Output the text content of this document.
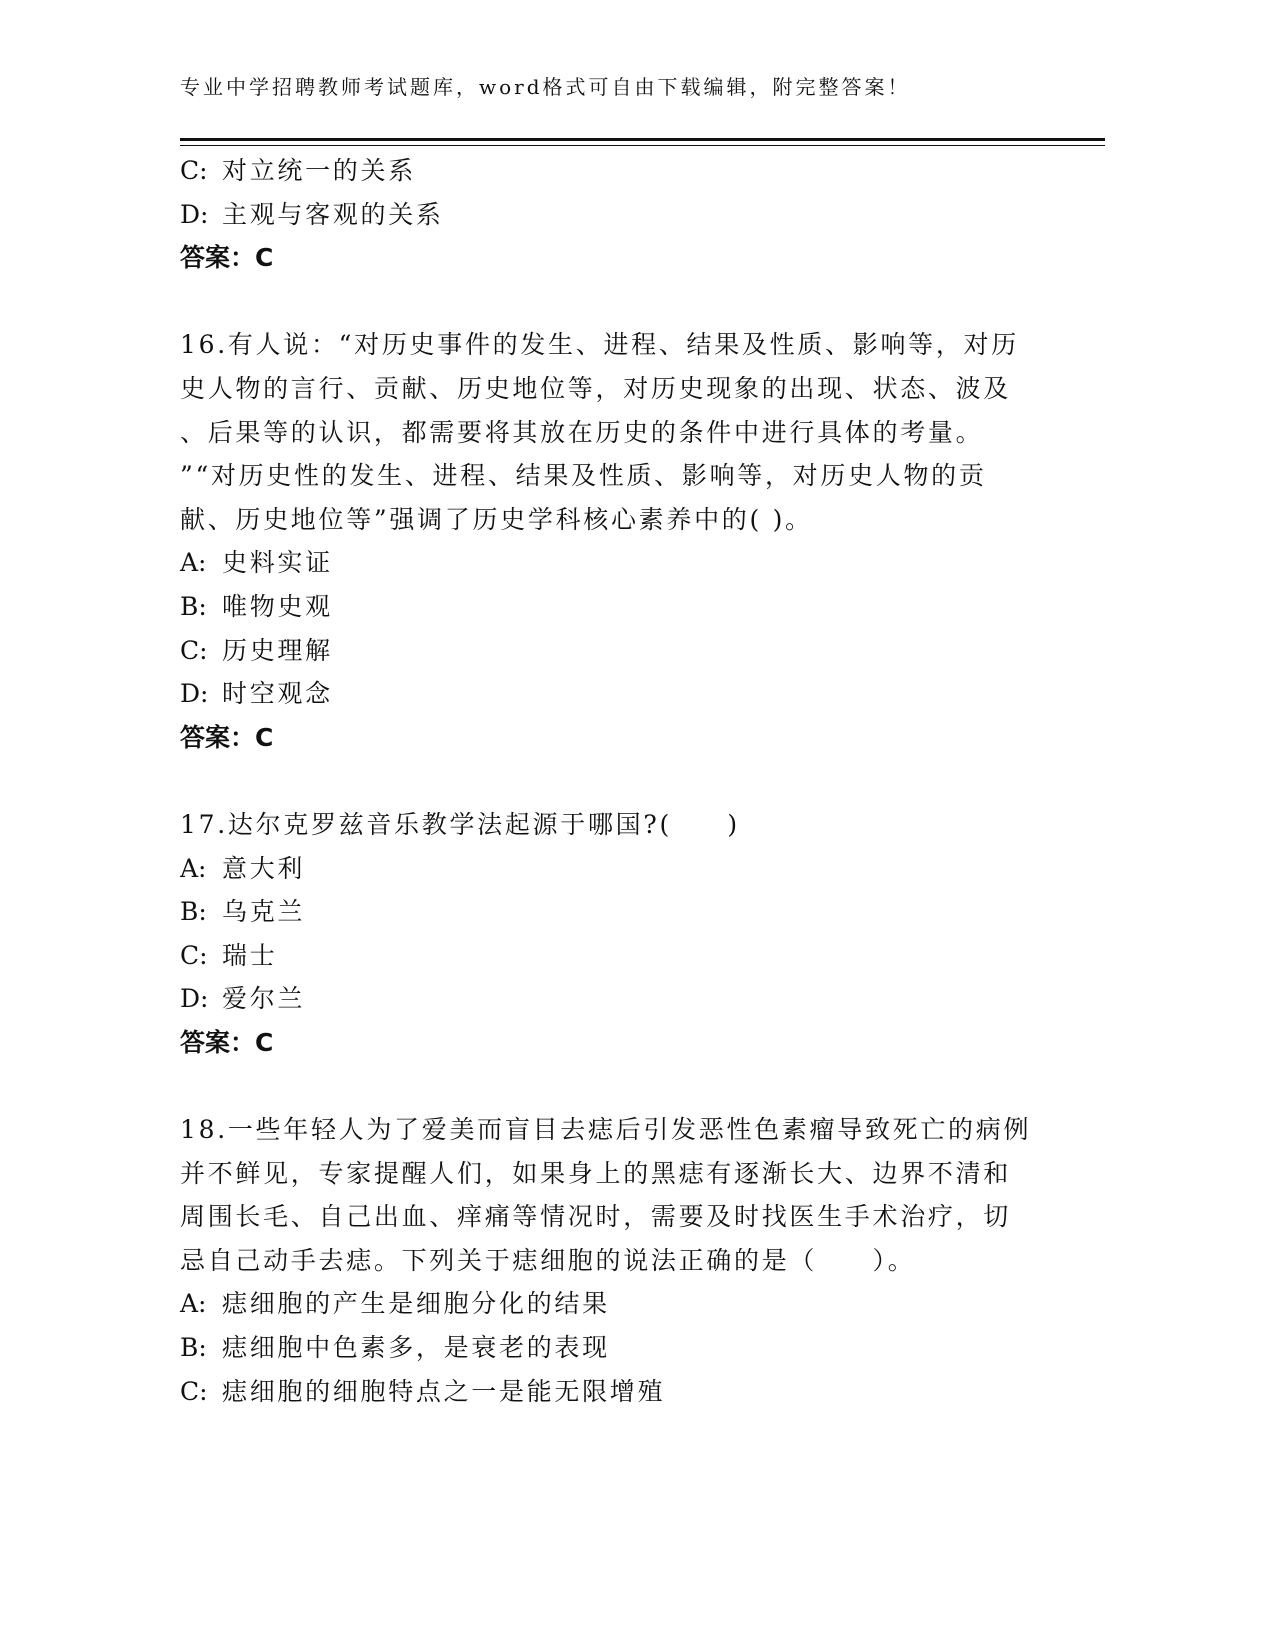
专业中学招聘教师考试题库，word格式可自由下载编辑，附完整答案！
C: 对立统一的关系
D: 主观与客观的关系
答案：C
16.有人说：“对历史事件的发生、进程、结果及性质、影响等，对历
史人物的言行、贡献、历史地位等，对历史现象的出现、状态、波及
、后果等的认识，都需要将其放在历史的条件中进行具体的考量。
”“对历史性的发生、进程、结果及性质、影响等，对历史人物的贡
献、历史地位等”强调了历史学科核心素养中的( )。
A: 史料实证
B: 唯物史观
C: 历史理解
D: 时空观念
答案：C
17.达尔克罗兹音乐教学法起源于哪国?(　　)
A: 意大利
B: 乌克兰
C: 瑞士
D: 爱尔兰
答案：C
18.一些年轻人为了爱美而盲目去痣后引发恶性色素瘤导致死亡的病例
并不鲜见，专家提醒人们，如果身上的黑痣有逐渐长大、边界不清和
周围长毛、自己出血、痒痛等情况时，需要及时找医生手术治疗，切
忌自己动手去痣。下列关于痣细胞的说法正确的是（　　）。
A: 痣细胞的产生是细胞分化的结果
B: 痣细胞中色素多，是衰老的表现
C: 痣细胞的细胞特点之一是能无限增殖
